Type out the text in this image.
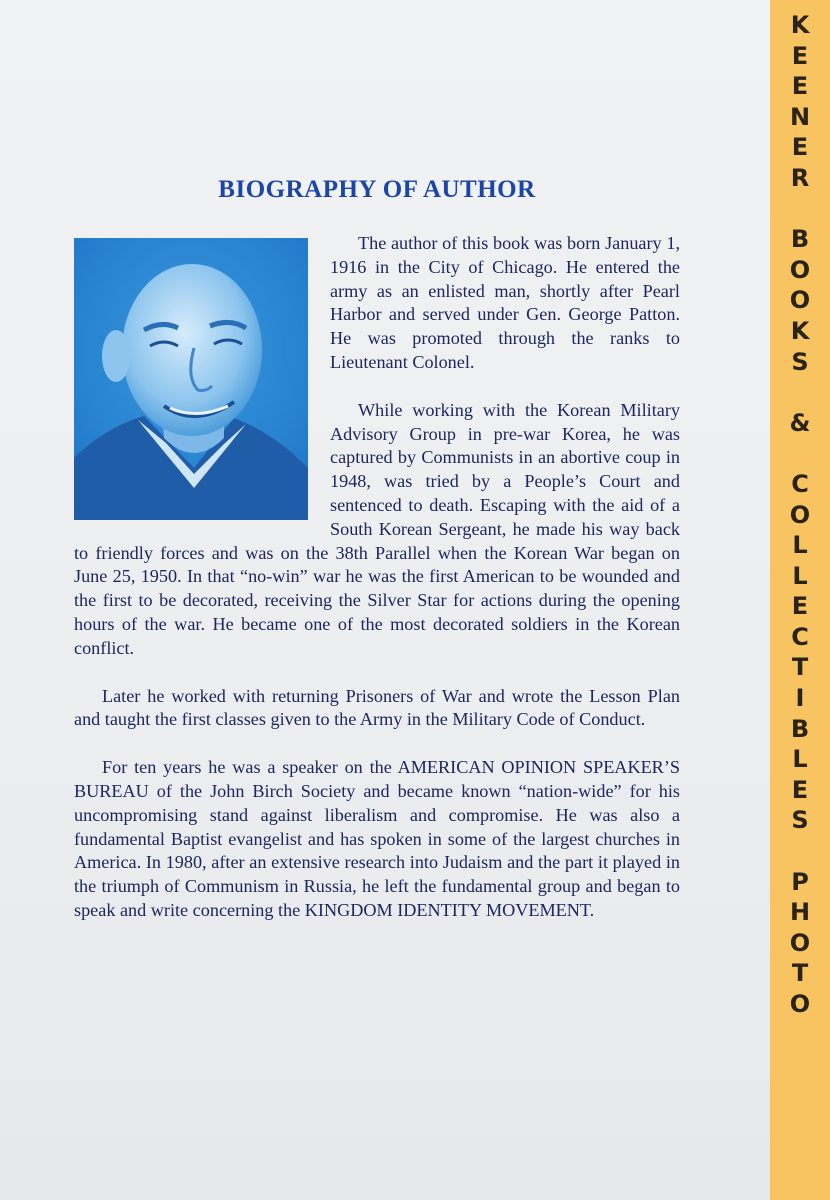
BIOGRAPHY OF AUTHOR

The author of this book was born January 1, 1916 in the City of Chicago. He entered the army as an enlisted man, shortly after Pearl Harbor and served under Gen. George Patton. He was promoted through the ranks to Lieutenant Colonel.

While working with the Korean Military Advisory Group in pre-war Korea, he was captured by Communists in an abortive coup in 1948, was tried by a People’s Court and sentenced to death. Escaping with the aid of a South Korean Sergeant, he made his way back to friendly forces and was on the 38th Parallel when the Korean War began on June 25, 1950. In that “no-win” war he was the first American to be wounded and the first to be decorated, receiving the Silver Star for actions during the opening hours of the war. He became one of the most decorated soldiers in the Korean conflict.

Later he worked with returning Prisoners of War and wrote the Lesson Plan and taught the first classes given to the Army in the Military Code of Conduct.

For ten years he was a speaker on the AMERICAN OPINION SPEAKER’S BUREAU of the John Birch Society and became known “nation-wide” for his uncompromising stand against liberalism and compromise. He was also a fundamental Baptist evangelist and has spoken in some of the largest churches in America. In 1980, after an extensive research into Judaism and the part it played in the triumph of Communism in Russia, he left the fundamental group and began to speak and write concerning the KINGDOM IDENTITY MOVEMENT.

K
E
E
N
E
R
B
O
O
K
S
&
C
O
L
L
E
C
T
I
B
L
E
S
P
H
O
T
O
